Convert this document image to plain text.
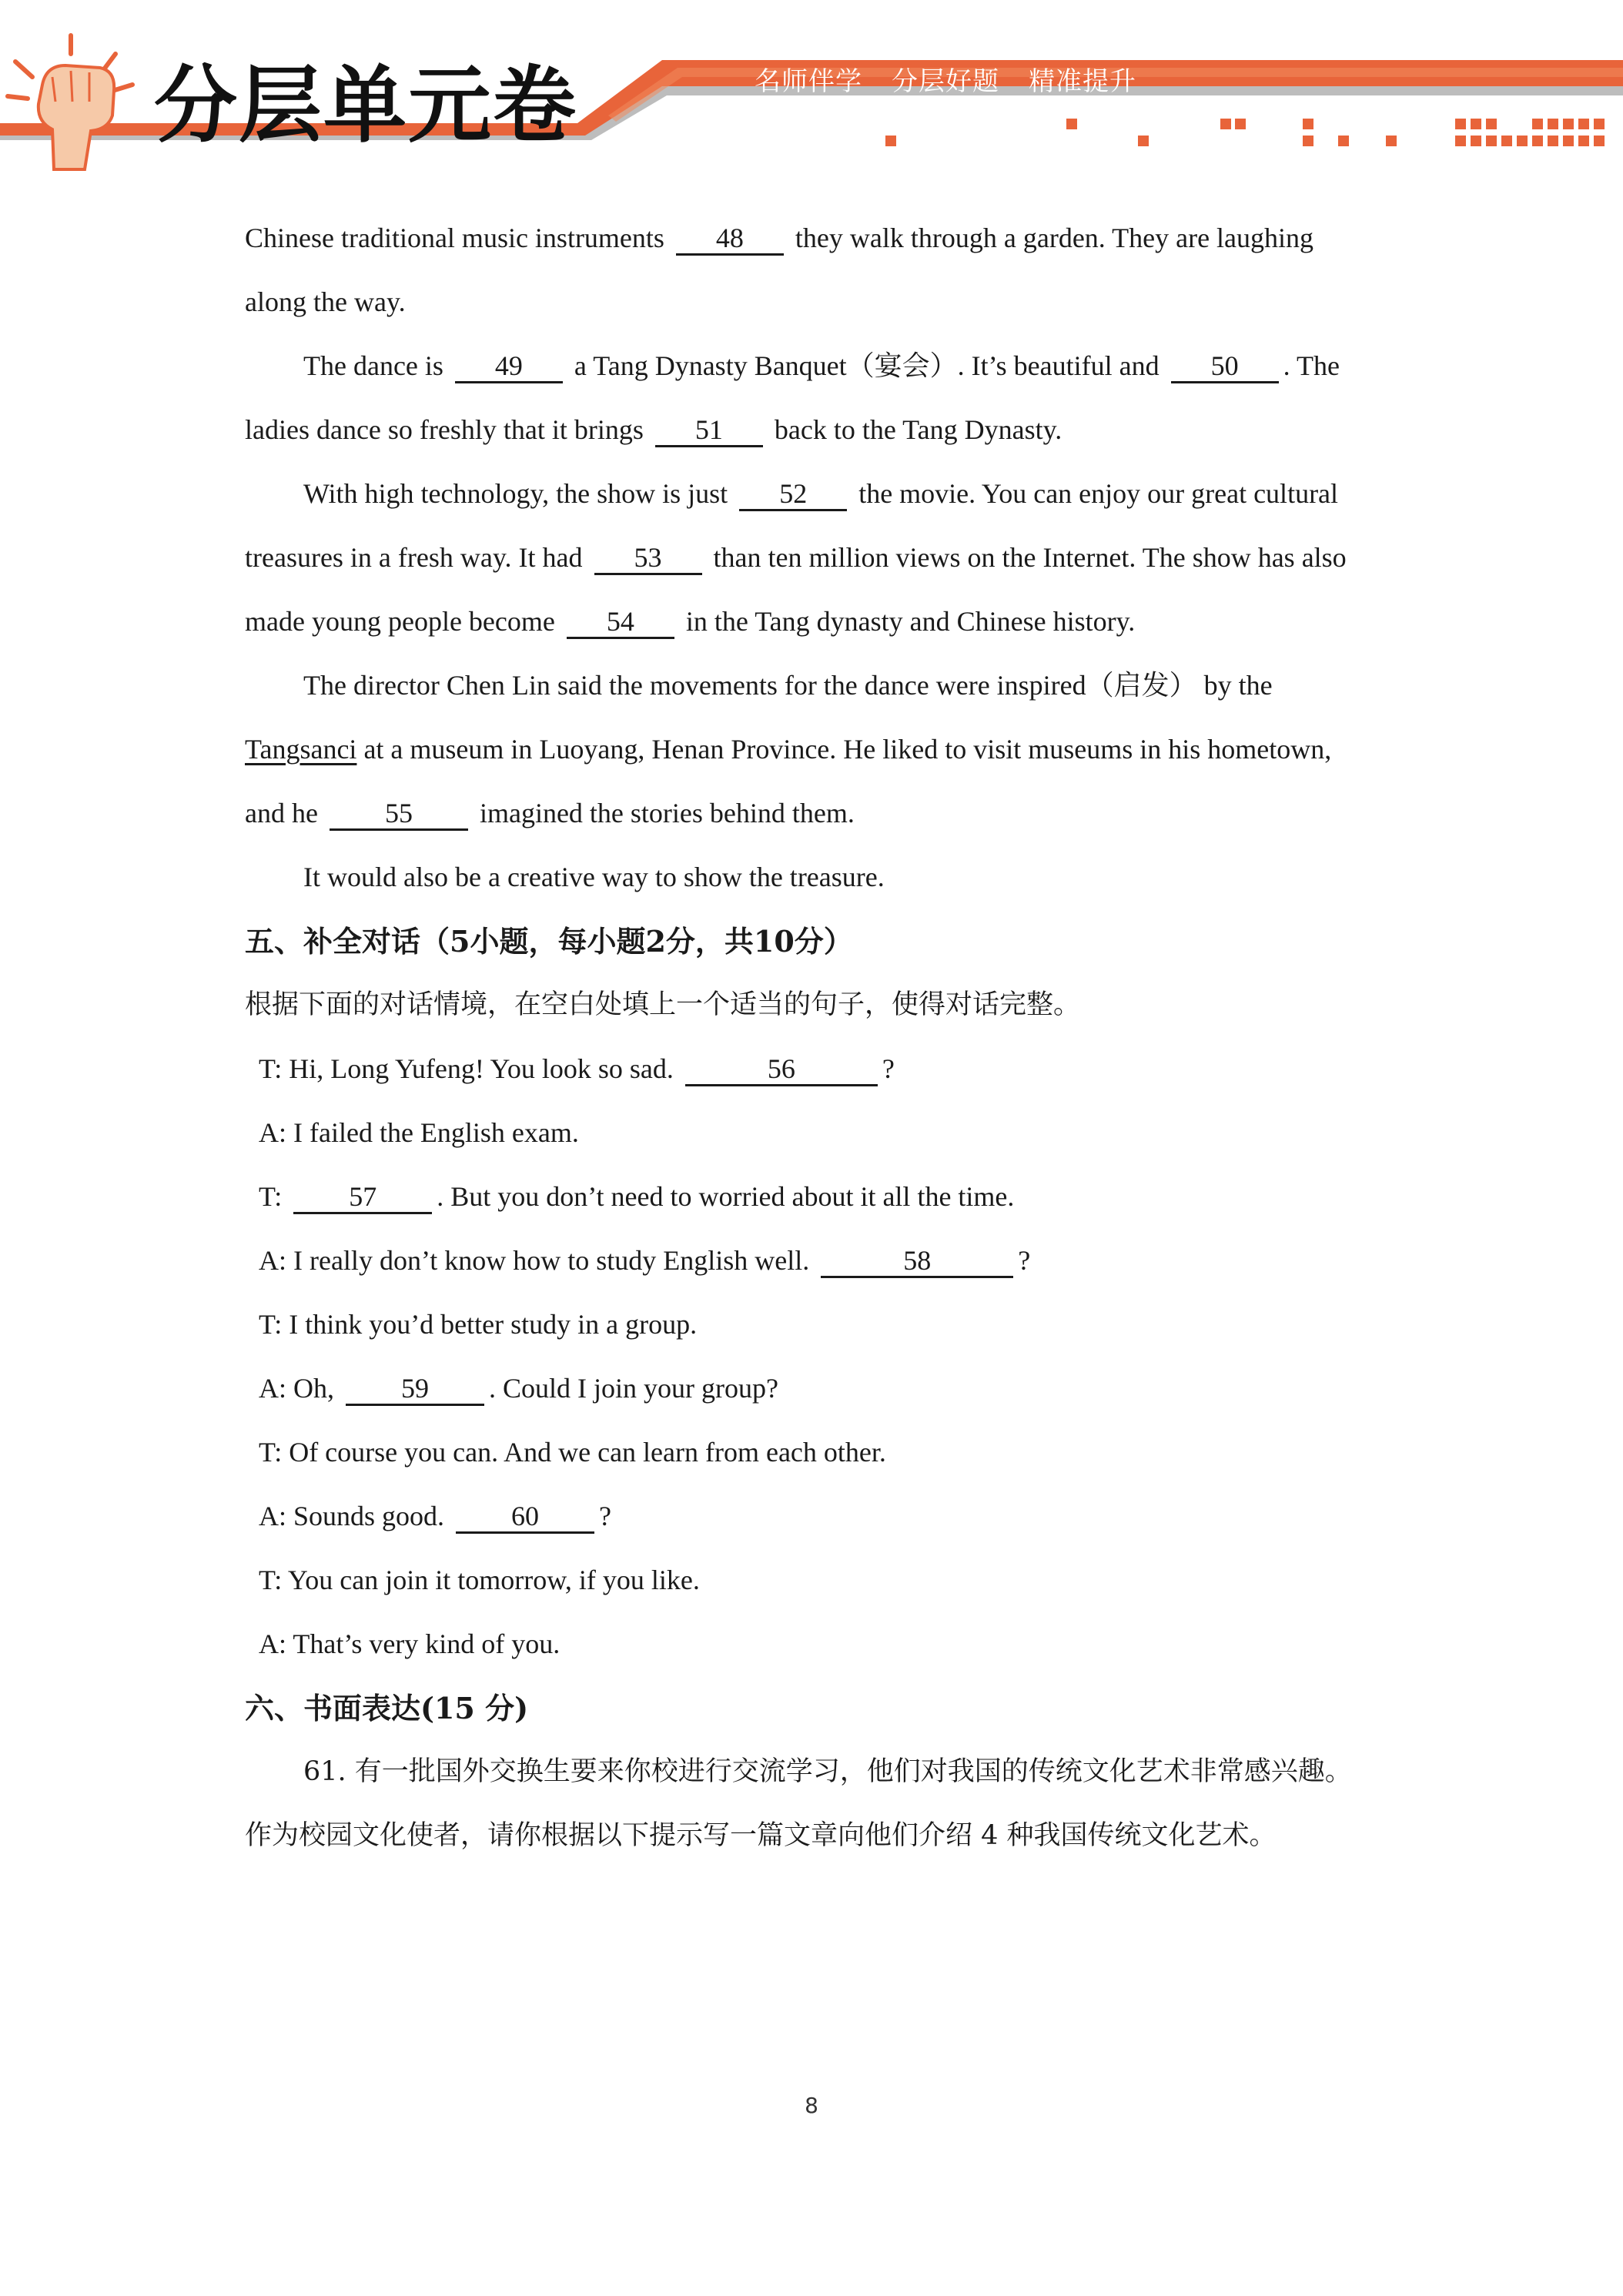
分层单元卷	名师伴学 分层好题 精准提升
Chinese traditional music instruments 48 they walk through a garden. They are laughing
along the way.
The dance is 49 a Tang Dynasty Banquet（宴会）. It’s beautiful and 50 . The
ladies dance so freshly that it brings 51 back to the Tang Dynasty.
With high technology, the show is just 52 the movie. You can enjoy our great cultural
treasures in a fresh way. It had 53 than ten million views on the Internet. The show has also
made young people become 54 in the Tang dynasty and Chinese history.
The director Chen Lin said the movements for the dance were inspired（启发） by the
Tangsanci at a museum in Luoyang, Henan Province. He liked to visit museums in his hometown,
and he 55 imagined the stories behind them.
It would also be a creative way to show the treasure.
五、补全对话（5小题，每小题2分，共10分）
根据下面的对话情境，在空白处填上一个适当的句子，使得对话完整。
T: Hi, Long Yufeng! You look so sad.	56	?
A: I failed the English exam.
T: 57 . But you don’t need to worried about it all the time.
A: I really don’t know how to study English well.	58	?
T: I think you’d better study in a group.
A: Oh, 59 . Could I join your group?
T: Of course you can. And we can learn from each other.
A: Sounds good. 60 ?
T: You can join it tomorrow, if you like.
A: That’s very kind of you.
六、书面表达(15 分)
61. 有一批国外交换生要来你校进行交流学习，他们对我国的传统文化艺术非常感兴趣。
作为校园文化使者，请你根据以下提示写一篇文章向他们介绍 4 种我国传统文化艺术。
8
